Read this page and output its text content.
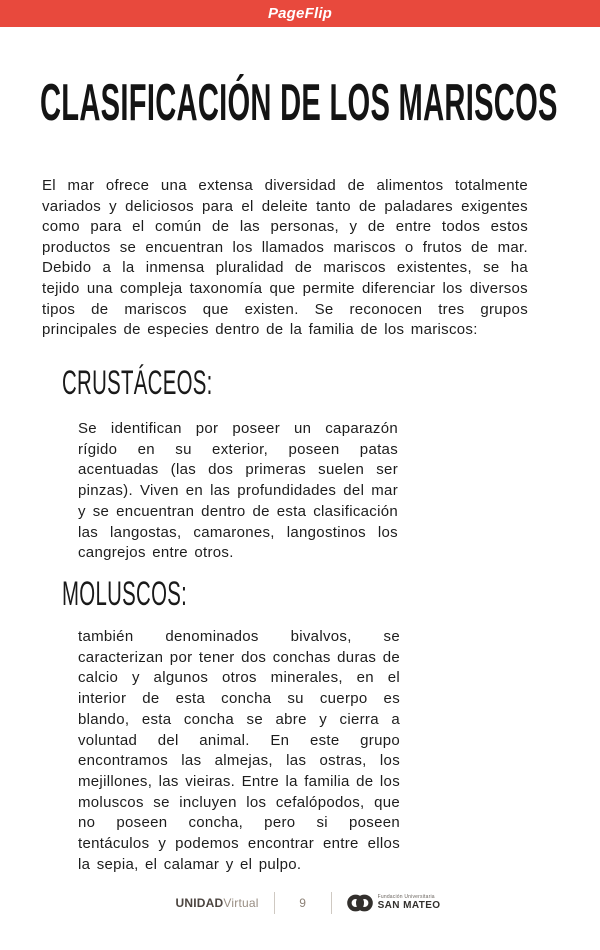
PageFlip
CLASIFICACIÓN DE LOS MARISCOS

El mar ofrece una extensa diversidad de alimentos totalmente variados y deliciosos para el deleite tanto de paladares exigentes como para el común de las personas, y de entre todos estos productos se encuentran los llamados mariscos o frutos de mar. Debido a la inmensa pluralidad de mariscos existentes, se ha tejido una compleja taxonomía que permite diferenciar los diversos tipos de mariscos que existen. Se reconocen tres grupos principales de especies dentro de la familia de los mariscos:

CRUSTÁCEOS:

Se identifican por poseer un caparazón rígido en su exterior, poseen patas acentuadas (las dos primeras suelen ser pinzas). Viven en las profundidades del mar y se encuentran dentro de esta clasificación las langostas, camarones, langostinos los cangrejos entre otros.

MOLUSCOS:

también denominados bivalvos, se caracterizan por tener dos conchas duras de calcio y algunos otros minerales, en el interior de esta concha su cuerpo es blando, esta concha se abre y cierra a voluntad del animal. En este grupo encontramos las almejas, las ostras, los mejillones, las vieiras. Entre la familia de los moluscos se incluyen los cefalópodos, que no poseen concha, pero si poseen tentáculos y podemos encontrar entre ellos la sepia, el calamar y el pulpo.

UNIDADVirtual	9	Fundación Universitaria
SAN MATEO
